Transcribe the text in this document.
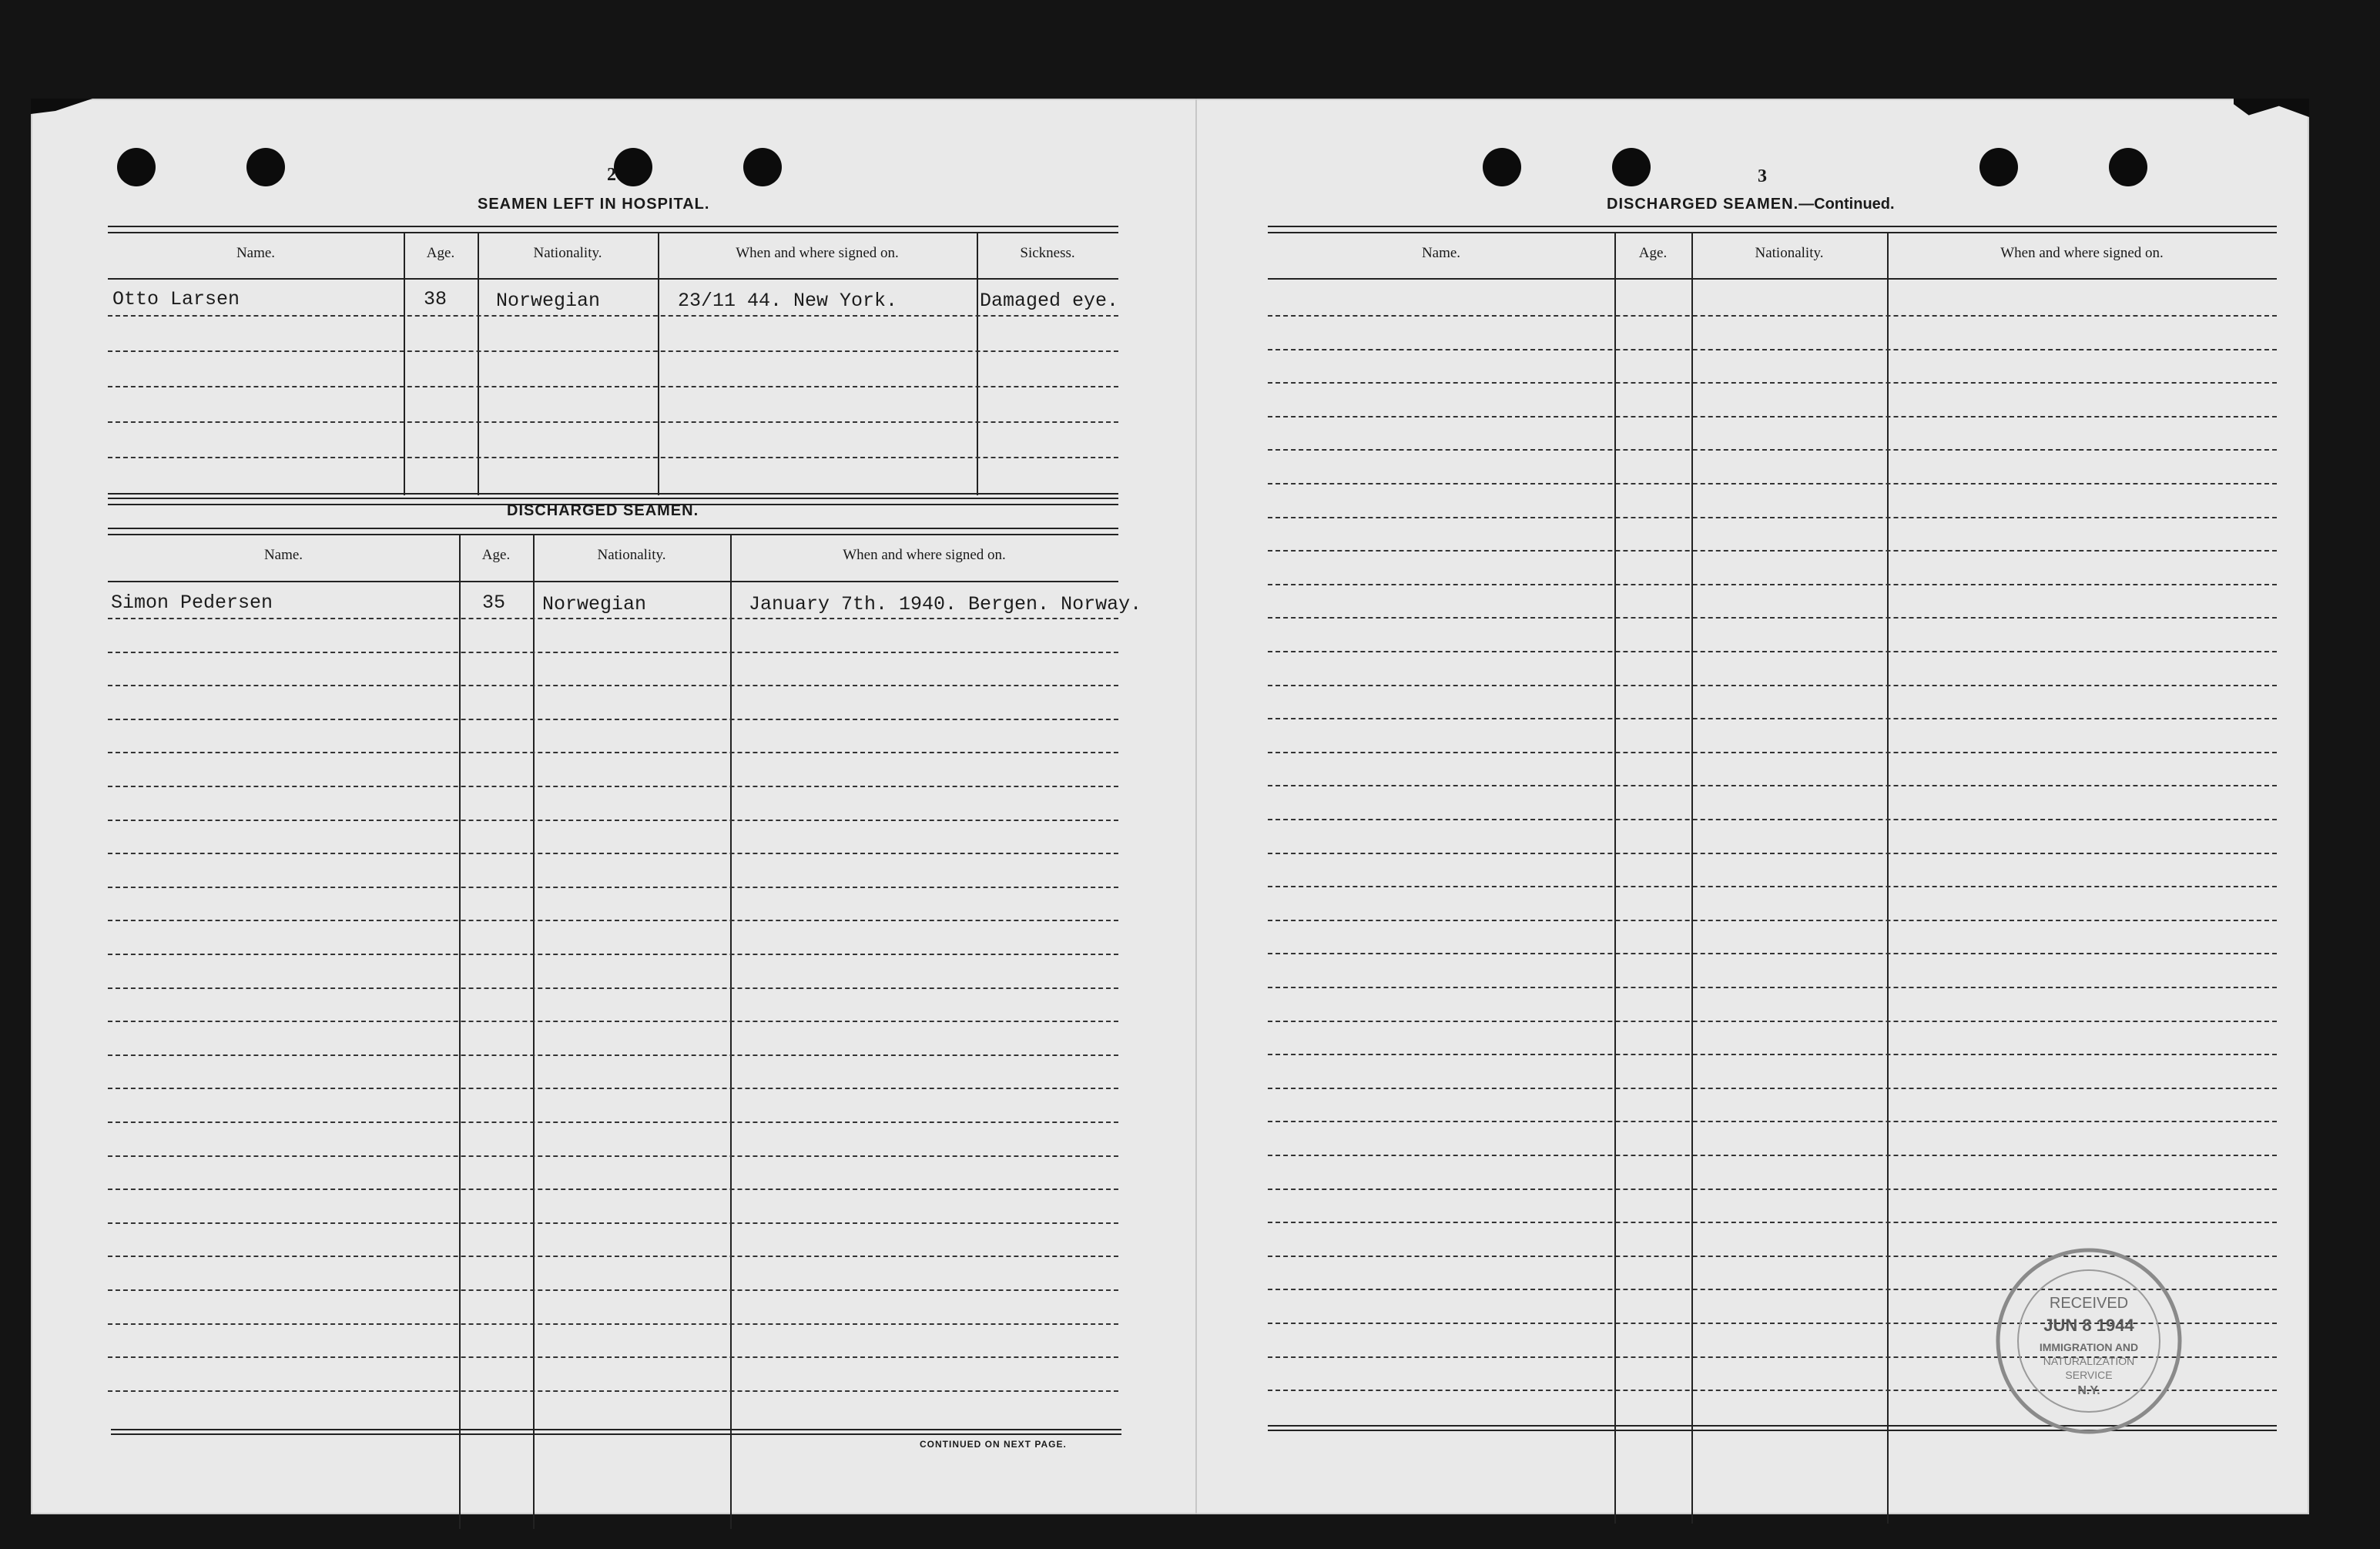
2
SEAMEN LEFT IN HOSPITAL.
Name.	Age.	Nationality.	When and where signed on.	Sickness.
Otto Larsen	38	Norwegian	23/11 44. New York.	Damaged eye.
DISCHARGED SEAMEN.
Name.	Age.	Nationality.	When and where signed on.
Simon Pedersen	35 Norwegian	January 7th. 1940. Bergen. Norway.
CONTINUED ON NEXT PAGE.
3
DISCHARGED SEAMEN.—Continued.
Name.	Age.	Nationality.	When and where signed on.
RECEIVED
JUN 8 1944
IMMIGRATION AND
NATURALIZATION
SERVICE
N.Y.
